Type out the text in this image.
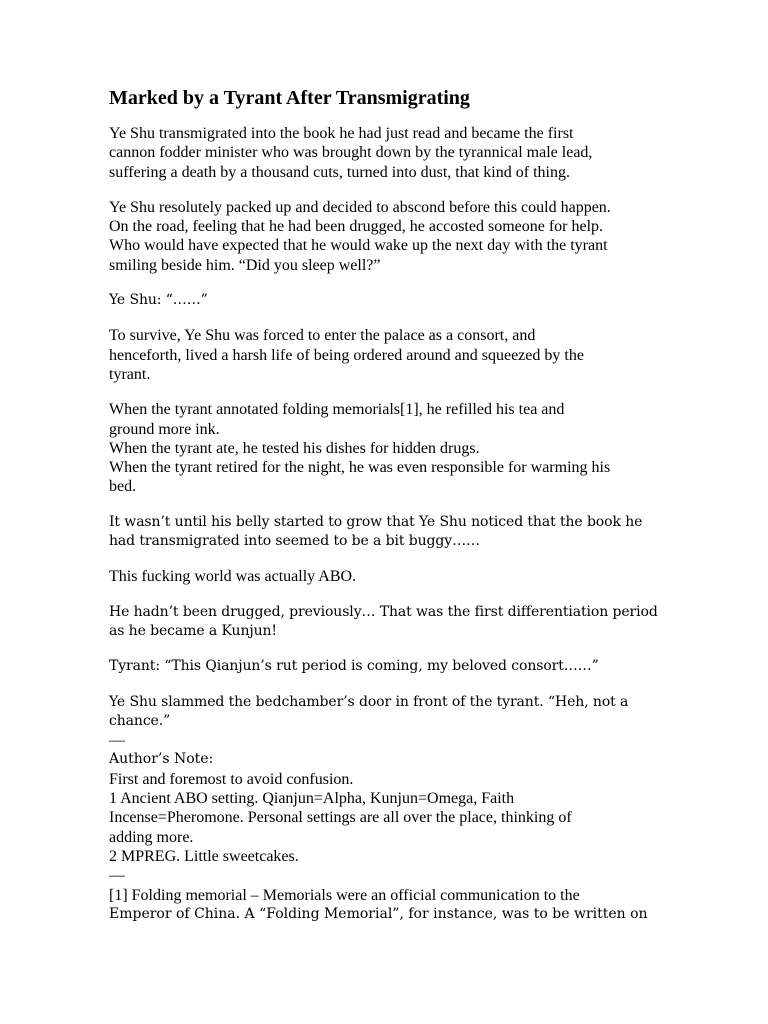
Marked by a Tyrant After Transmigrating
Ye Shu transmigrated into the book he had just read and became the first
cannon fodder minister who was brought down by the tyrannical male lead,
suffering a death by a thousand cuts, turned into dust, that kind of thing.
Ye Shu resolutely packed up and decided to abscond before this could happen.
On the road, feeling that he had been drugged, he accosted someone for help.
Who would have expected that he would wake up the next day with the tyrant
smiling beside him. “Did you sleep well?”
Ye Shu: “……”
To survive, Ye Shu was forced to enter the palace as a consort, and
henceforth, lived a harsh life of being ordered around and squeezed by the
tyrant.
When the tyrant annotated folding memorials[1], he refilled his tea and
ground more ink.
When the tyrant ate, he tested his dishes for hidden drugs.
When the tyrant retired for the night, he was even responsible for warming his
bed.
It wasn’t until his belly started to grow that Ye Shu noticed that the book he
had transmigrated into seemed to be a bit buggy……
This fucking world was actually ABO.
He hadn’t been drugged, previously… That was the first differentiation period
as he became a Kunjun!
Tyrant: “This Qianjun’s rut period is coming, my beloved consort……”
Ye Shu slammed the bedchamber’s door in front of the tyrant. “Heh, not a
chance.”
—
Author’s Note:
First and foremost to avoid confusion.
1 Ancient ABO setting. Qianjun=Alpha, Kunjun=Omega, Faith
Incense=Pheromone. Personal settings are all over the place, thinking of
adding more.
2 MPREG. Little sweetcakes.
—
[1] Folding memorial – Memorials were an official communication to the
Emperor of China. A “Folding Memorial”, for instance, was to be written on
